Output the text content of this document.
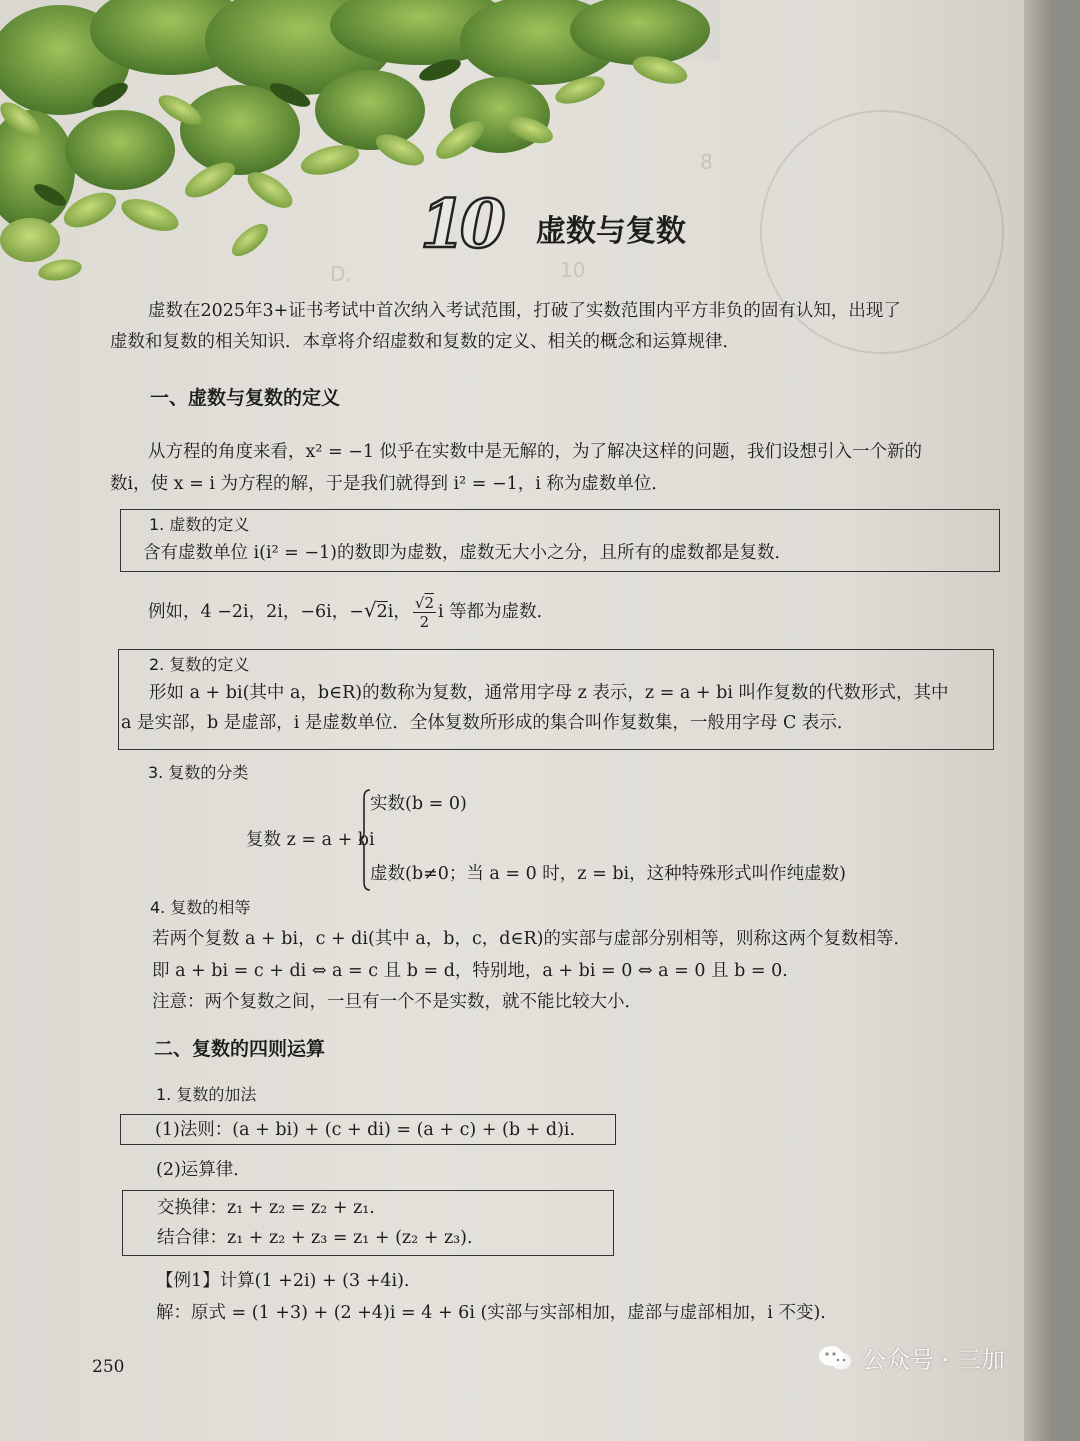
8
10
D.
10 虚数与复数
虚数在2025年3+证书考试中首次纳入考试范围，打破了实数范围内平方非负的固有认知，出现了
虚数和复数的相关知识．本章将介绍虚数和复数的定义、相关的概念和运算规律．
一、虚数与复数的定义
从方程的角度来看，x² = −1 似乎在实数中是无解的，为了解决这样的问题，我们设想引入一个新的
数i，使 x = i 为方程的解，于是我们就得到 i² = −1，i 称为虚数单位．
1. 虚数的定义
含有虚数单位 i(i² = −1)的数即为虚数，虚数无大小之分，且所有的虚数都是复数．
例如，4 −2i，2i，−6i，−√2i， $\frac{√2}{2}$ i 等都为虚数．
2. 复数的定义
形如 a + bi(其中 a，b∈R)的数称为复数，通常用字母 z 表示，z = a + bi 叫作复数的代数形式，其中
a 是实部，b 是虚部，i 是虚数单位．全体复数所形成的集合叫作复数集，一般用字母 C 表示．
3. 复数的分类
复数 z = a + bi
实数(b = 0)
虚数(b≠0；当 a = 0 时，z = bi，这种特殊形式叫作纯虚数)
4. 复数的相等
若两个复数 a + bi，c + di(其中 a，b，c，d∈R)的实部与虚部分别相等，则称这两个复数相等．
即 a + bi = c + di ⇔ a = c 且 b = d，特别地，a + bi = 0 ⇔ a = 0 且 b = 0.
注意：两个复数之间，一旦有一个不是实数，就不能比较大小．
二、复数的四则运算
1. 复数的加法
(1)法则：(a + bi) + (c + di) = (a + c) + (b + d)i.
(2)运算律．
交换律：z₁ + z₂ = z₂ + z₁.
结合律：z₁ + z₂ + z₃ = z₁ + (z₂ + z₃).
【例1】计算(1 +2i) + (3 +4i).
解：原式 = (1 +3) + (2 +4)i = 4 + 6i (实部与实部相加，虚部与虚部相加，i 不变).
250	公众号 · 三加
